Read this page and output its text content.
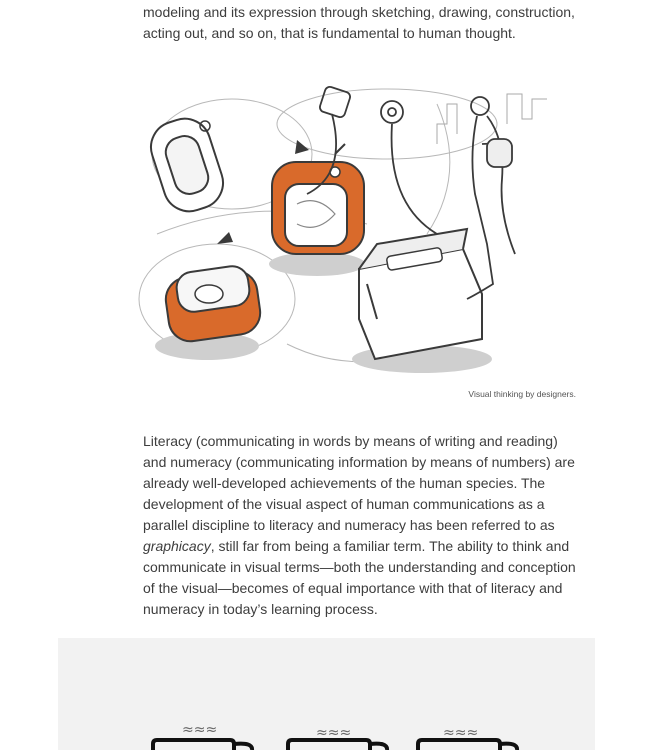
modeling and its expression through sketching, drawing, construction,
acting out, and so on, that is fundamental to human thought.

Visual thinking by designers.

Literacy (communicating in words by means of writing and reading)
and numeracy (communicating information by means of numbers) are
already well-developed achievements of the human species. The
development of the visual aspect of human communications as a
parallel discipline to literacy and numeracy has been referred to as
graphicacy, still far from being a familiar term. The ability to think and
communicate in visual terms—both the understanding and conception
of the visual—becomes of equal importance with that of literacy and
numeracy in today’s learning process.

≈≈≈	≈≈≈	≈≈≈
